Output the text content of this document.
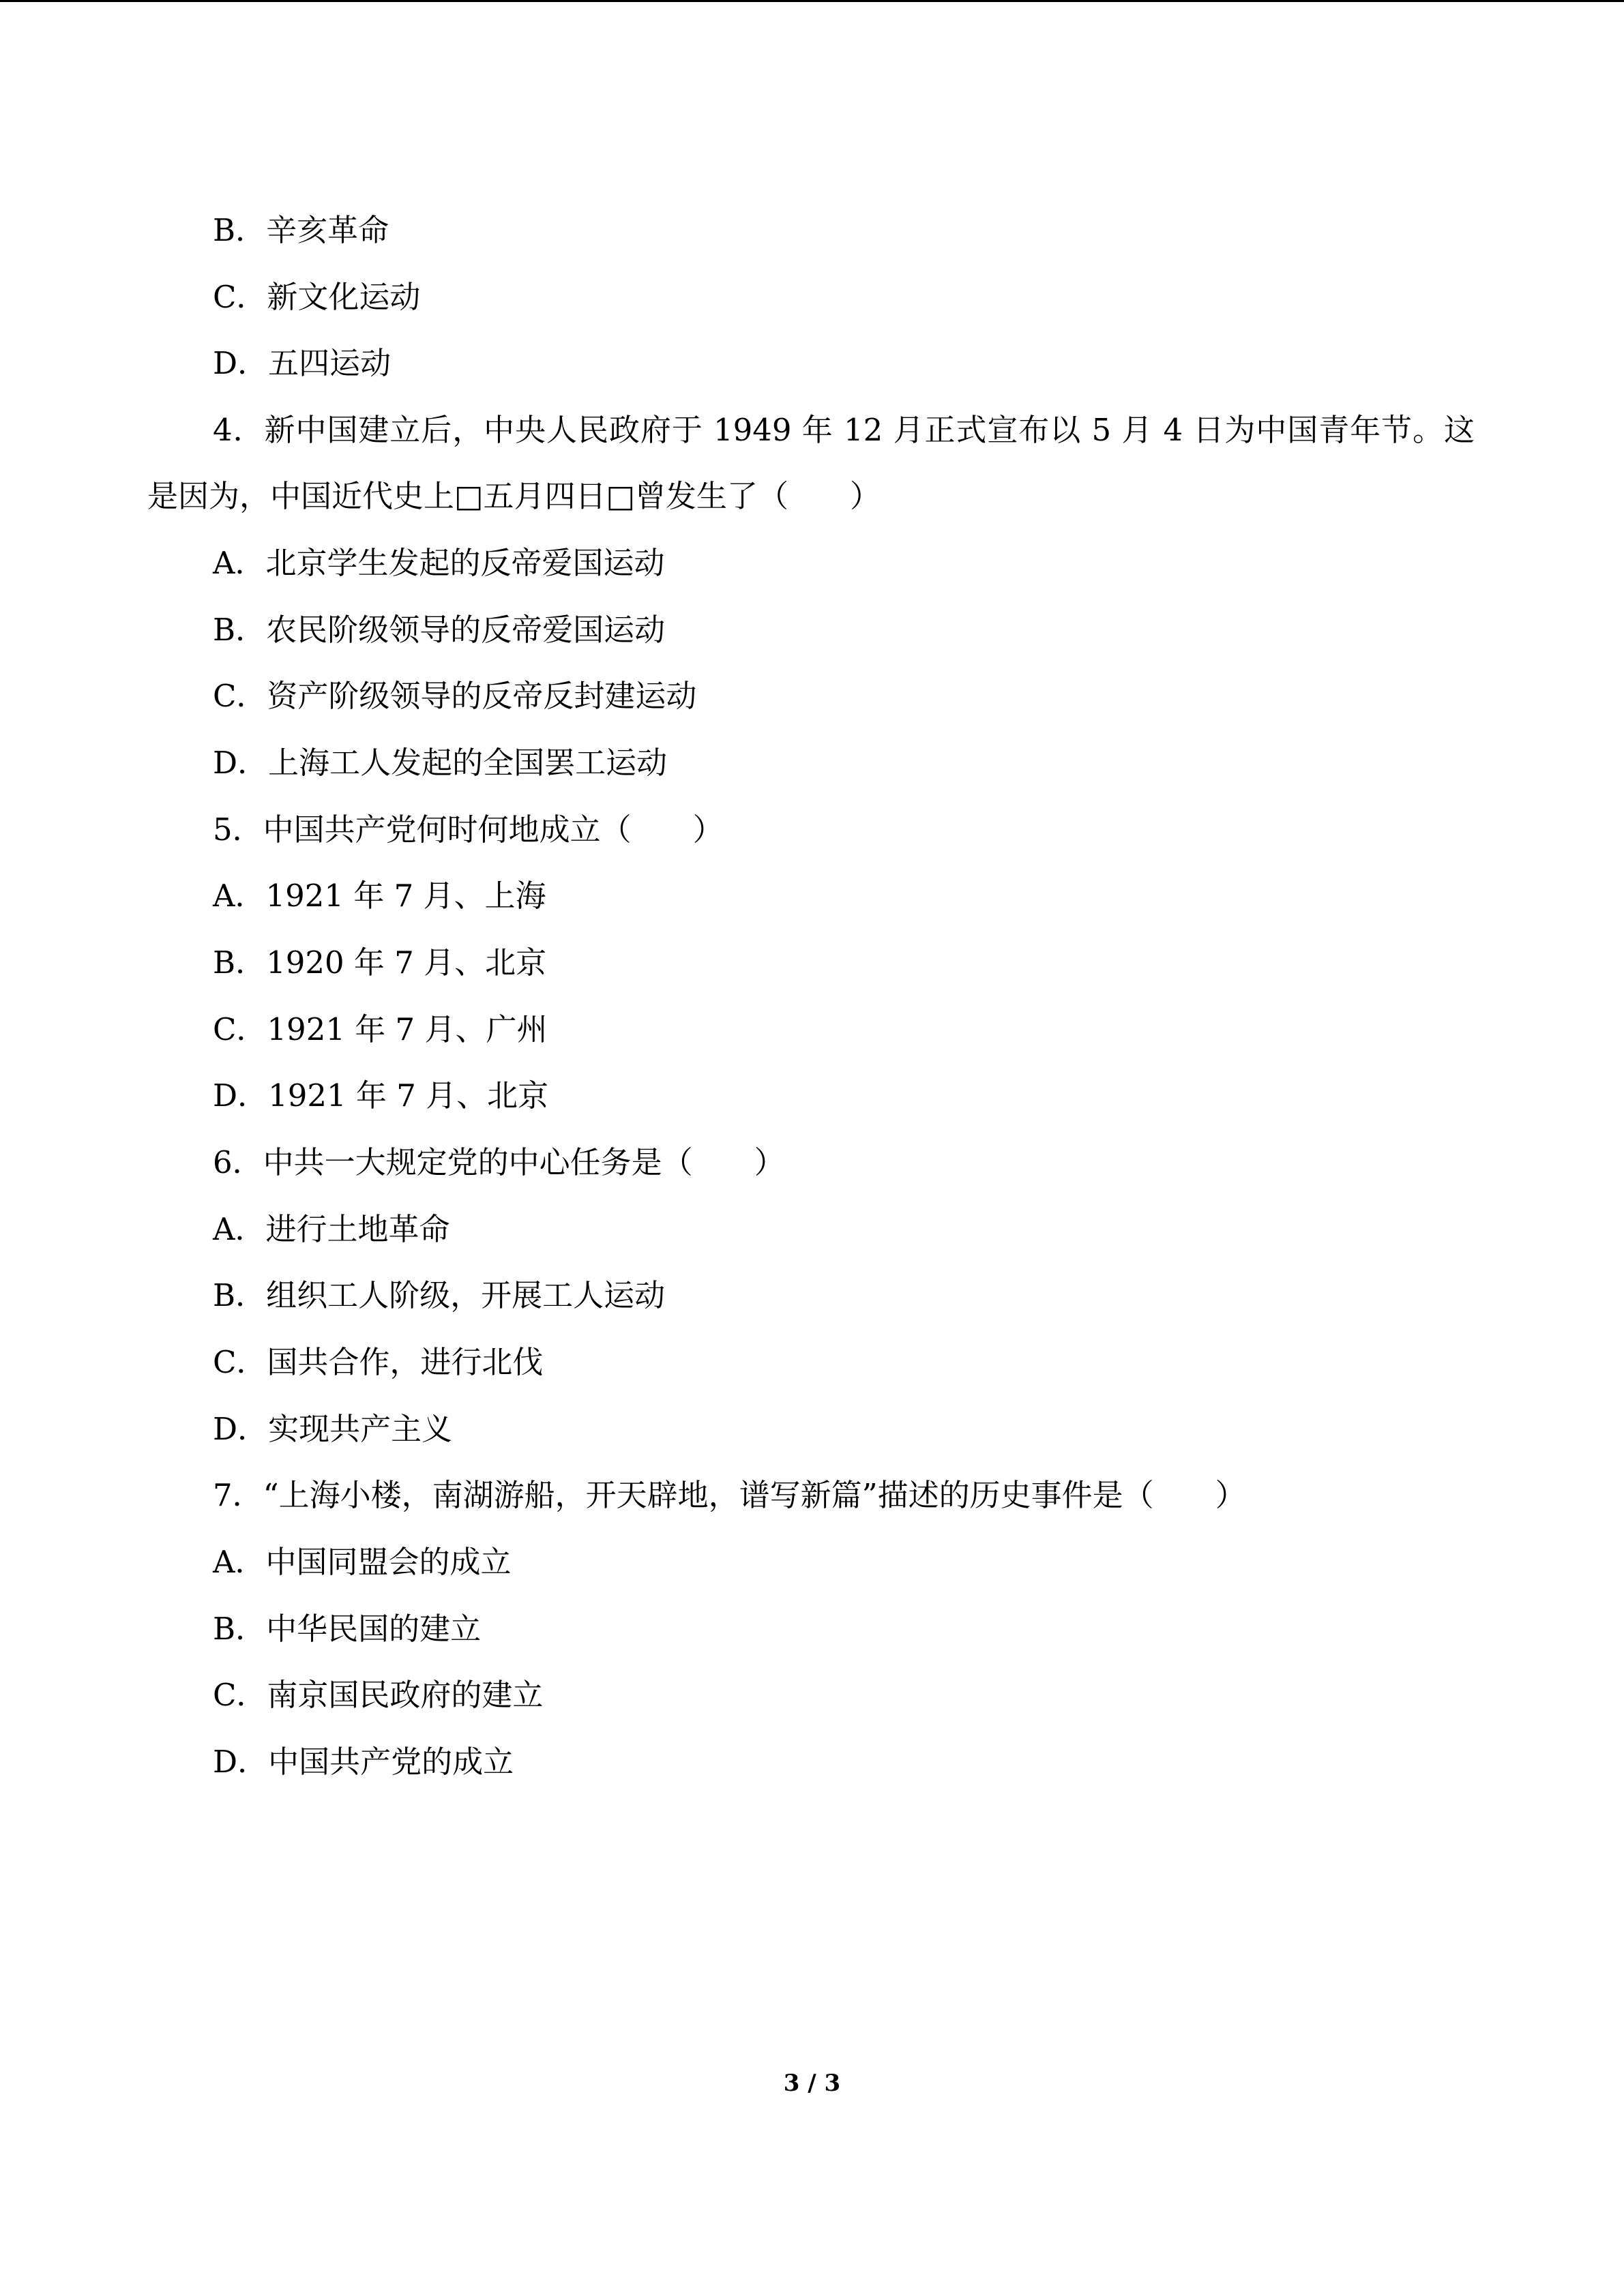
B．辛亥革命
C．新文化运动
D．五四运动
4．新中国建立后，中央人民政府于 1949 年 12 月正式宣布以 5 月 4 日为中国青年节。这
是因为，中国近代史上□五月四日□曾发生了（　　）
A．北京学生发起的反帝爱国运动
B．农民阶级领导的反帝爱国运动
C．资产阶级领导的反帝反封建运动
D．上海工人发起的全国罢工运动
5．中国共产党何时何地成立（　　）
A．1921 年 7 月、上海
B．1920 年 7 月、北京
C．1921 年 7 月、广州
D．1921 年 7 月、北京
6．中共一大规定党的中心任务是（　　）
A．进行土地革命
B．组织工人阶级，开展工人运动
C．国共合作，进行北伐
D．实现共产主义
7．“上海小楼，南湖游船，开天辟地，谱写新篇”描述的历史事件是（　　）
A．中国同盟会的成立
B．中华民国的建立
C．南京国民政府的建立
D．中国共产党的成立
3 / 3
